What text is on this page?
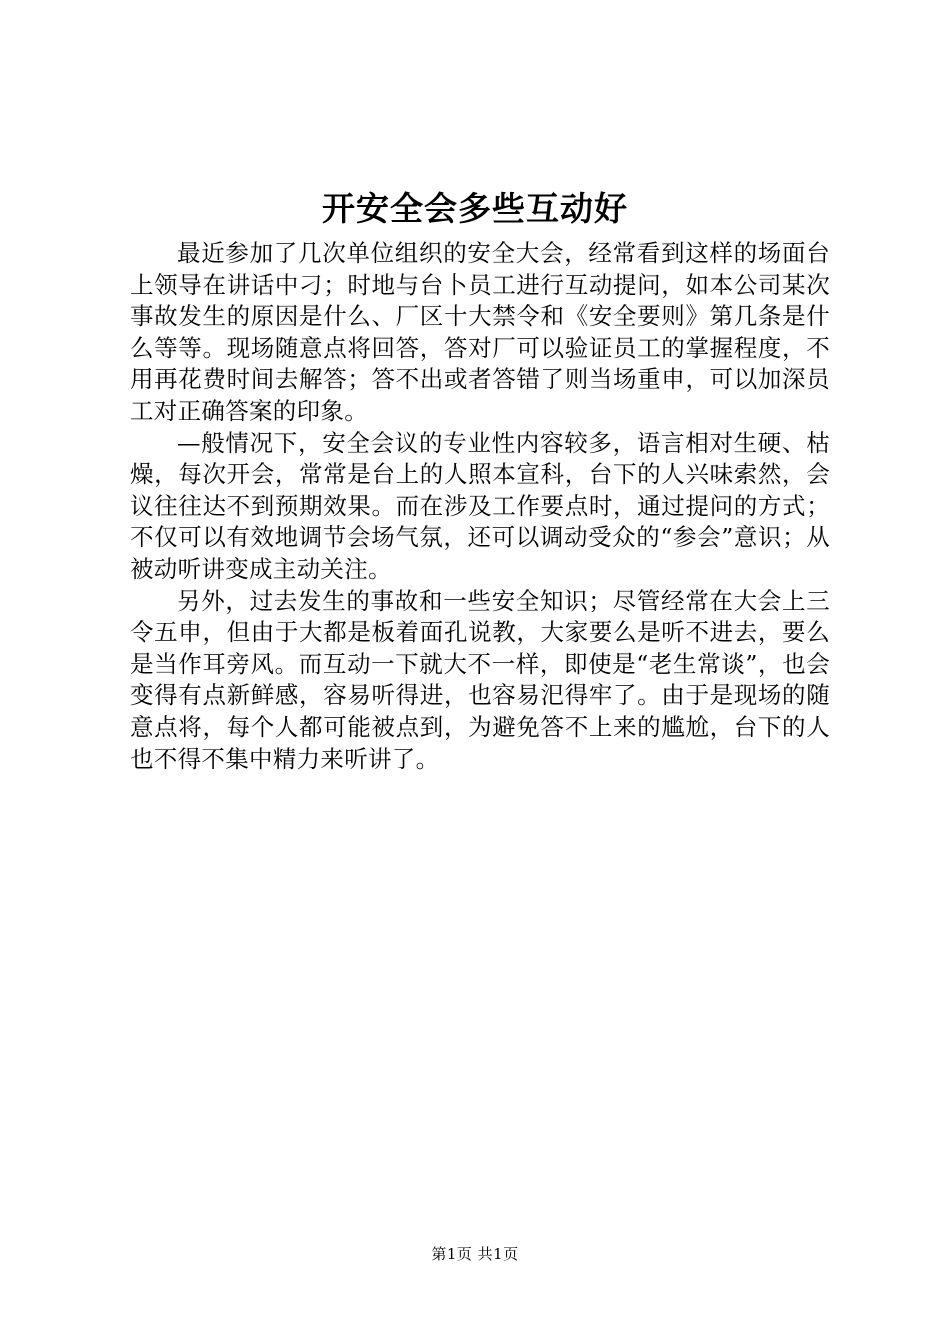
开安全会多些互动好

最近参加了几次单位组织的安全大会，经常看到这样的场面台上领导在讲话中刁；时地与台卜员工进行互动提问，如本公司某次事故发生的原因是什么、厂区十大禁令和《安全要则》第几条是什么等等。现场随意点将回答，答对厂可以验证员工的掌握程度，不用再花费时间去解答；答不出或者答错了则当场重申，可以加深员工对正确答案的印象。

—般情况下，安全会议的专业性内容较多，语言相对生硬、枯燥，每次开会，常常是台上的人照本宣科，台下的人兴味索然，会议往往达不到预期效果。而在涉及工作要点时，通过提问的方式；不仅可以有效地调节会场气氛，还可以调动受众的“参会”意识；从被动听讲变成主动关注。

另外，过去发生的事故和一些安全知识；尽管经常在大会上三令五申，但由于大都是板着面孔说教，大家要么是听不进去，要么是当作耳旁风。而互动一下就大不一样，即使是“老生常谈”，也会变得有点新鲜感，容易听得进，也容易汜得牢了。由于是现场的随意点将，每个人都可能被点到，为避免答不上来的尴尬，台下的人也不得不集中精力来听讲了。

第1页 共1页
